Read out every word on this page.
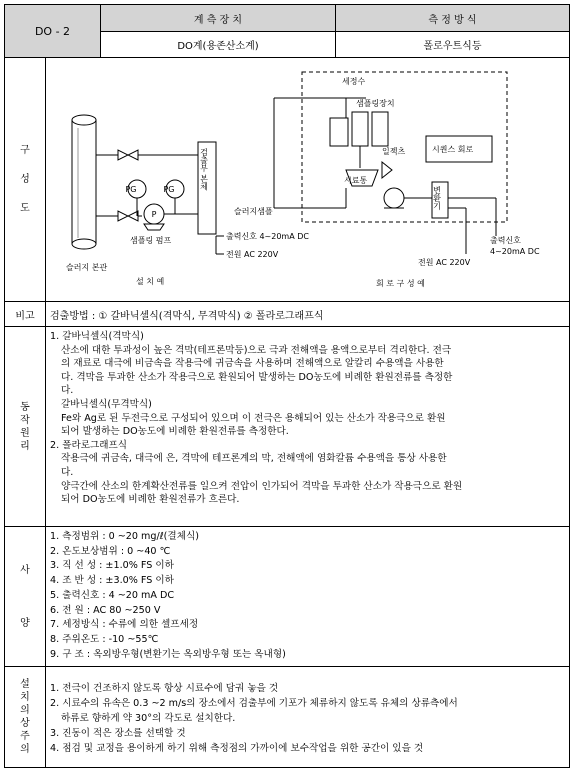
DO - 2
계 측 장 치	측 정 방 식
DO계(용존산소계)	폴로우트식등
구
성
도
슬러지 본관
PG	PG
P
샘플링 펌프
검출부 본체
출력신호 4~20mA DC
전원 AC 220V
설 치 예
세정수
샘플링장치
시료통
일젝츠	시퀀스 회로
변환기
슬러지샘플
출력신호
4~20mA DC
전원 AC 220V
회 로 구 성 예
비고 검출방법 : ① 갈바닉셀식(격막식, 무격막식) ② 폴라로그래프식
동
작
원
리

1. 갈바닉셀식(격막식)

산소에 대한 투과성이 높은 격막(테프론막등)으로 극과 전해액을 용액으로부터 격리한다. 전극

의 재료로 대극에 비금속을 작용극에 귀금속을 사용하며 전해액으로 알칼리 수용액을 사용한

다. 격막을 투과한 산소가 작용극으로 환원되어 발생하는 DO농도에 비례한 환원전류를 측정한

다.

갈바닉셀식(무격막식)

Fe와 Ag로 된 두전극으로 구성되어 있으며 이 전극은 용해되어 있는 산소가 작용극으로 환원

되어 발생하는 DO농도에 비례한 환원전류를 측정한다.

2. 폴라로그래프식

작용극에 귀금속, 대극에 은, 격막에 테프론계의 막, 전해액에 염화칼륨 수용액을 통상 사용한

다.

양극간에 산소의 한계확산전류를 일으켜 전압이 인가되어 격막을 투과한 산소가 작용극으로 환원

되어 DO농도에 비례한 환원전류가 흐른다.

사
양

1. 측정범위 : 0 ~20 mg/ℓ(결체식)

2. 온도보상범위 : 0 ~40 ℃

3. 직 선 성 : ±1.0% FS 이하

4. 조 반 성 : ±3.0% FS 이하

5. 출력신호 : 4 ~20 mA DC

6. 전 원 : AC 80 ~250 V

7. 세정방식 : 수류에 의한 셀프세정

8. 주위온도 : -10 ~55℃

9. 구 조 : 옥외방우형(변환기는 옥외방우형 또는 옥내형)

설
치
의
상
주
의

1. 전극이 건조하지 않도록 항상 시료수에 담궈 놓을 것

2. 시료수의 유속은 0.3 ~2 m/s의 장소에서 검출부에 기포가 체류하지 않도록 유체의 상류측에서

하류로 향하게 약 30°의 각도로 설치한다.

3. 진동이 적은 장소를 선택할 것

4. 점검 및 교정을 용이하게 하기 위해 측정점의 가까이에 보수작업을 위한 공간이 있을 것
